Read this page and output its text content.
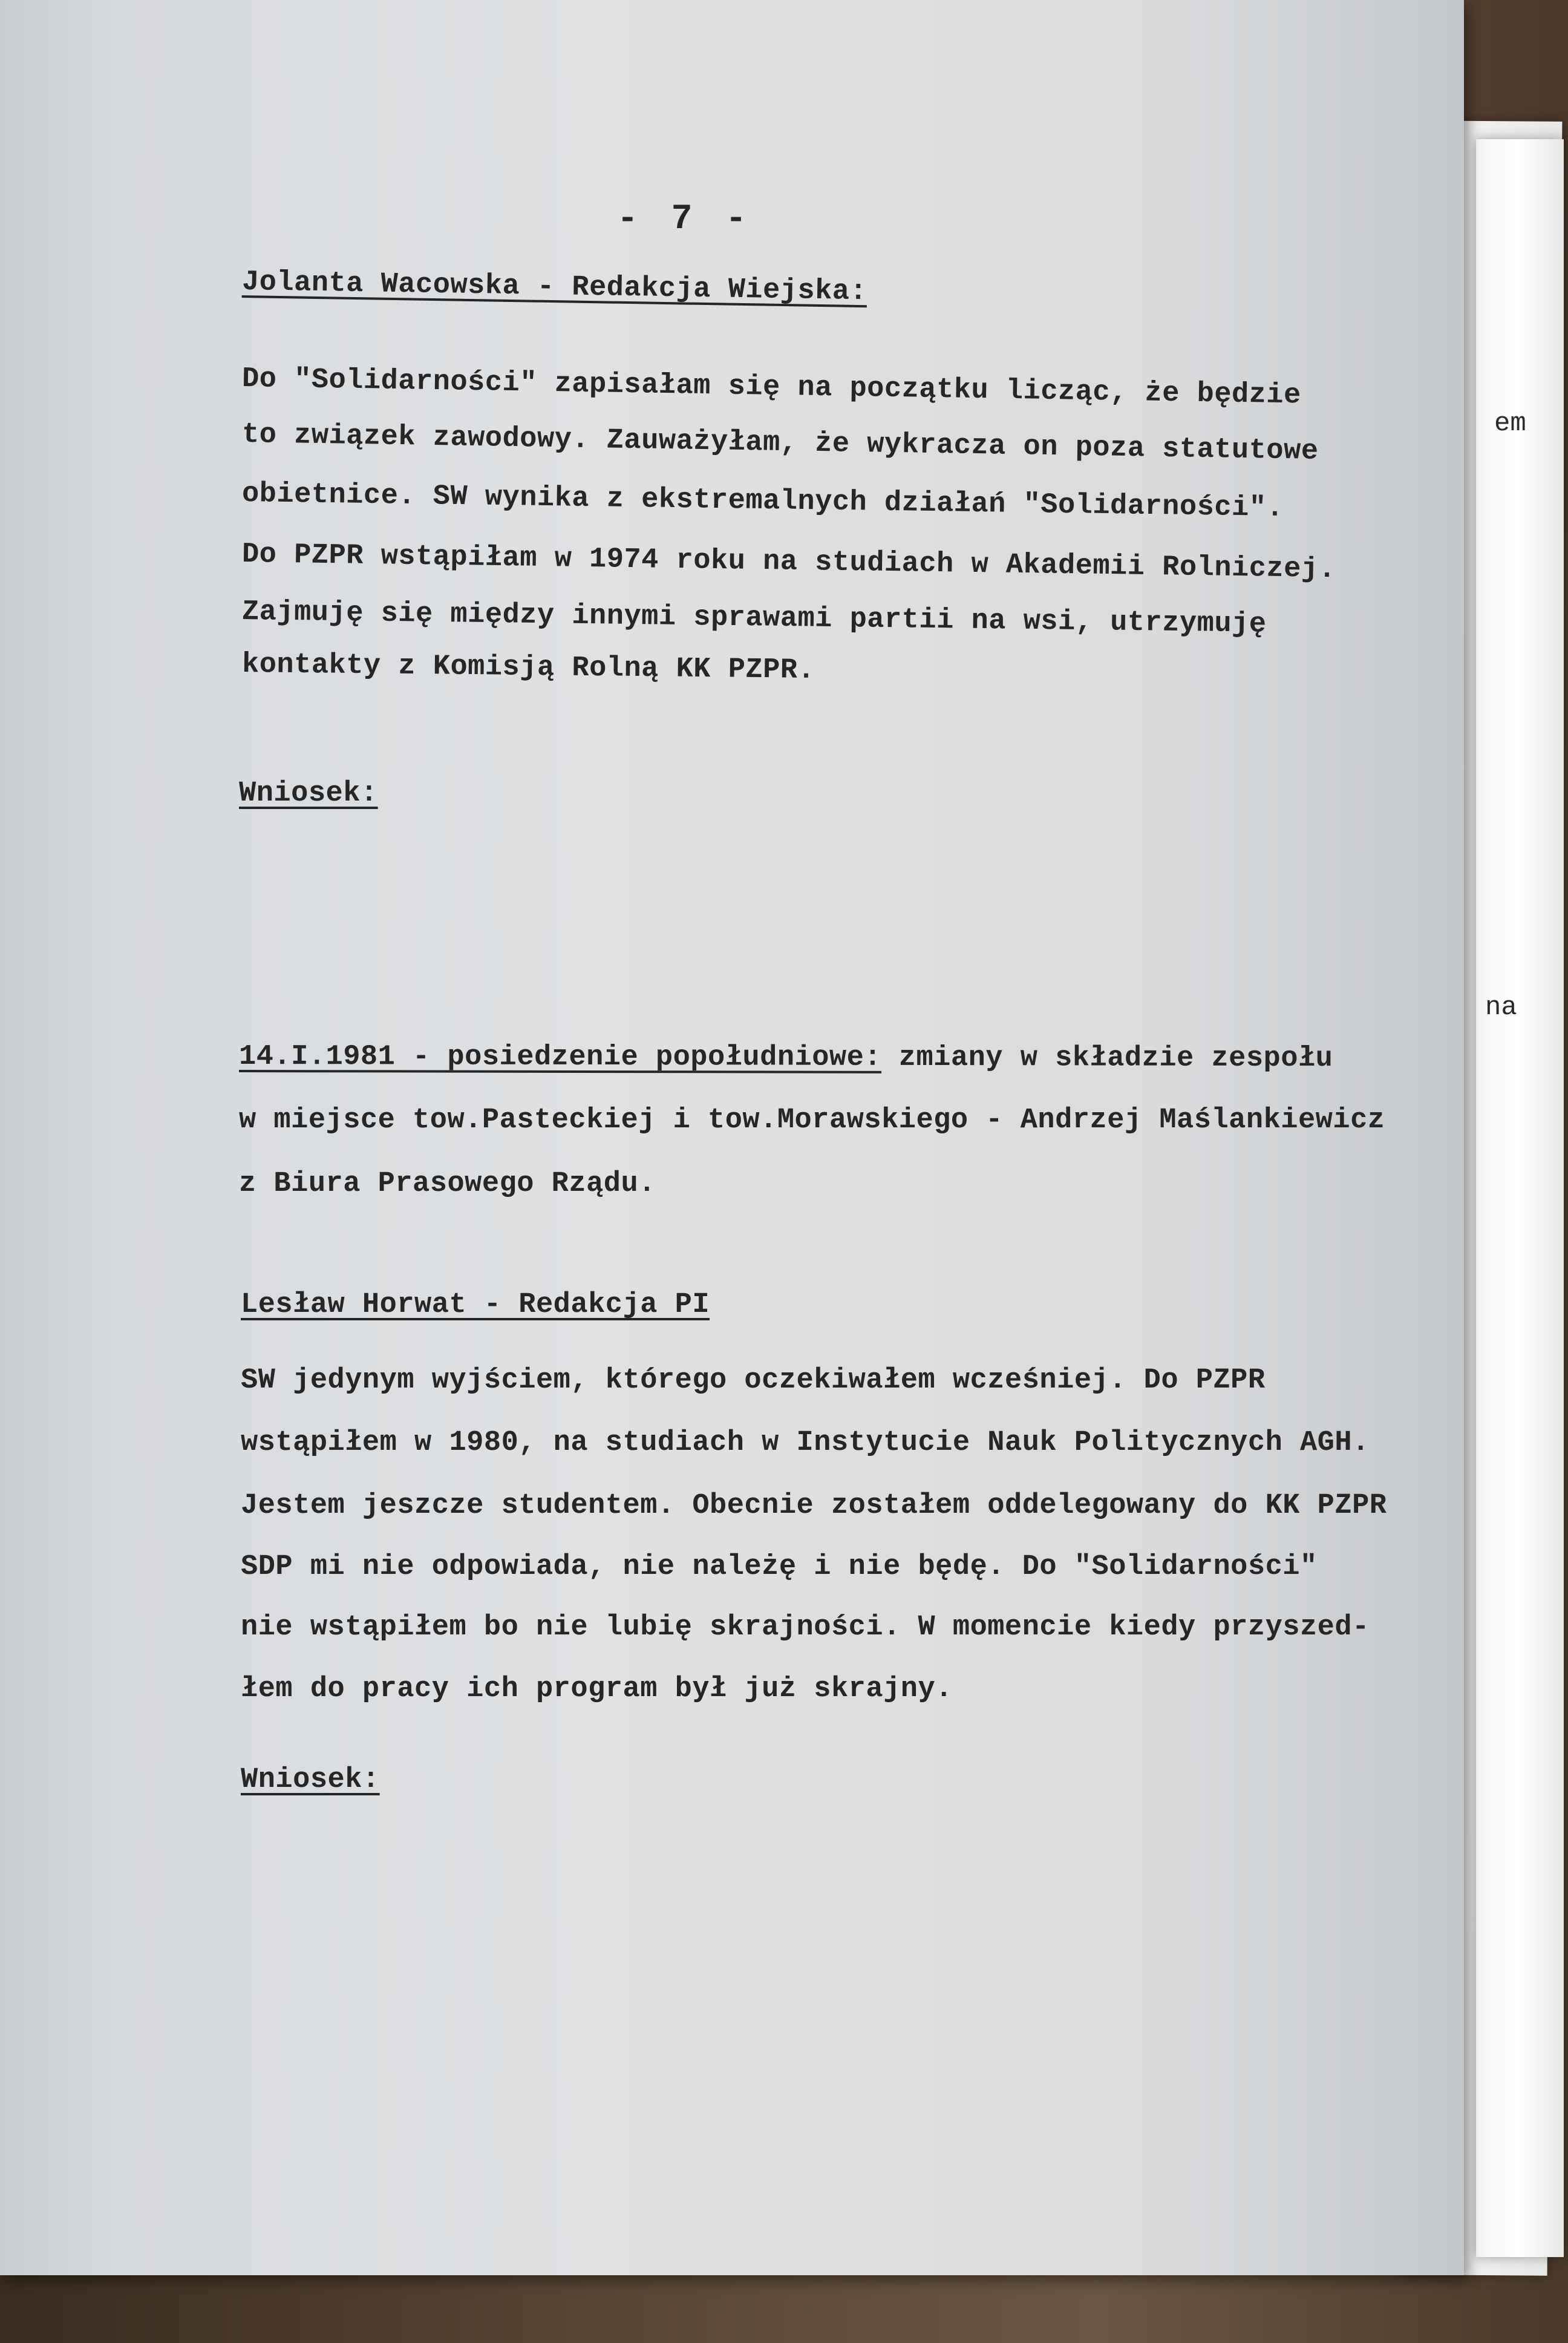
em
na
- 7 -
Jolanta Wacowska - Redakcja Wiejska:
Do "Solidarności" zapisałam się na początku licząc, że będzie
to związek zawodowy. Zauważyłam, że wykracza on poza statutowe
obietnice. SW wynika z ekstremalnych działań "Solidarności".
Do PZPR wstąpiłam w 1974 roku na studiach w Akademii Rolniczej.
Zajmuję się między innymi sprawami partii na wsi, utrzymuję
kontakty z Komisją Rolną KK PZPR.
Wniosek:
14.I.1981 - posiedzenie popołudniowe: zmiany w składzie zespołu
w miejsce tow.Pasteckiej i tow.Morawskiego - Andrzej Maślankiewicz
z Biura Prasowego Rządu.
Lesław Horwat - Redakcja PI
SW jedynym wyjściem, którego oczekiwałem wcześniej. Do PZPR
wstąpiłem w 1980, na studiach w Instytucie Nauk Politycznych AGH.
Jestem jeszcze studentem. Obecnie zostałem oddelegowany do KK PZPR
SDP mi nie odpowiada, nie należę i nie będę. Do "Solidarności"
nie wstąpiłem bo nie lubię skrajności. W momencie kiedy przyszed-
łem do pracy ich program był już skrajny.
Wniosek:
